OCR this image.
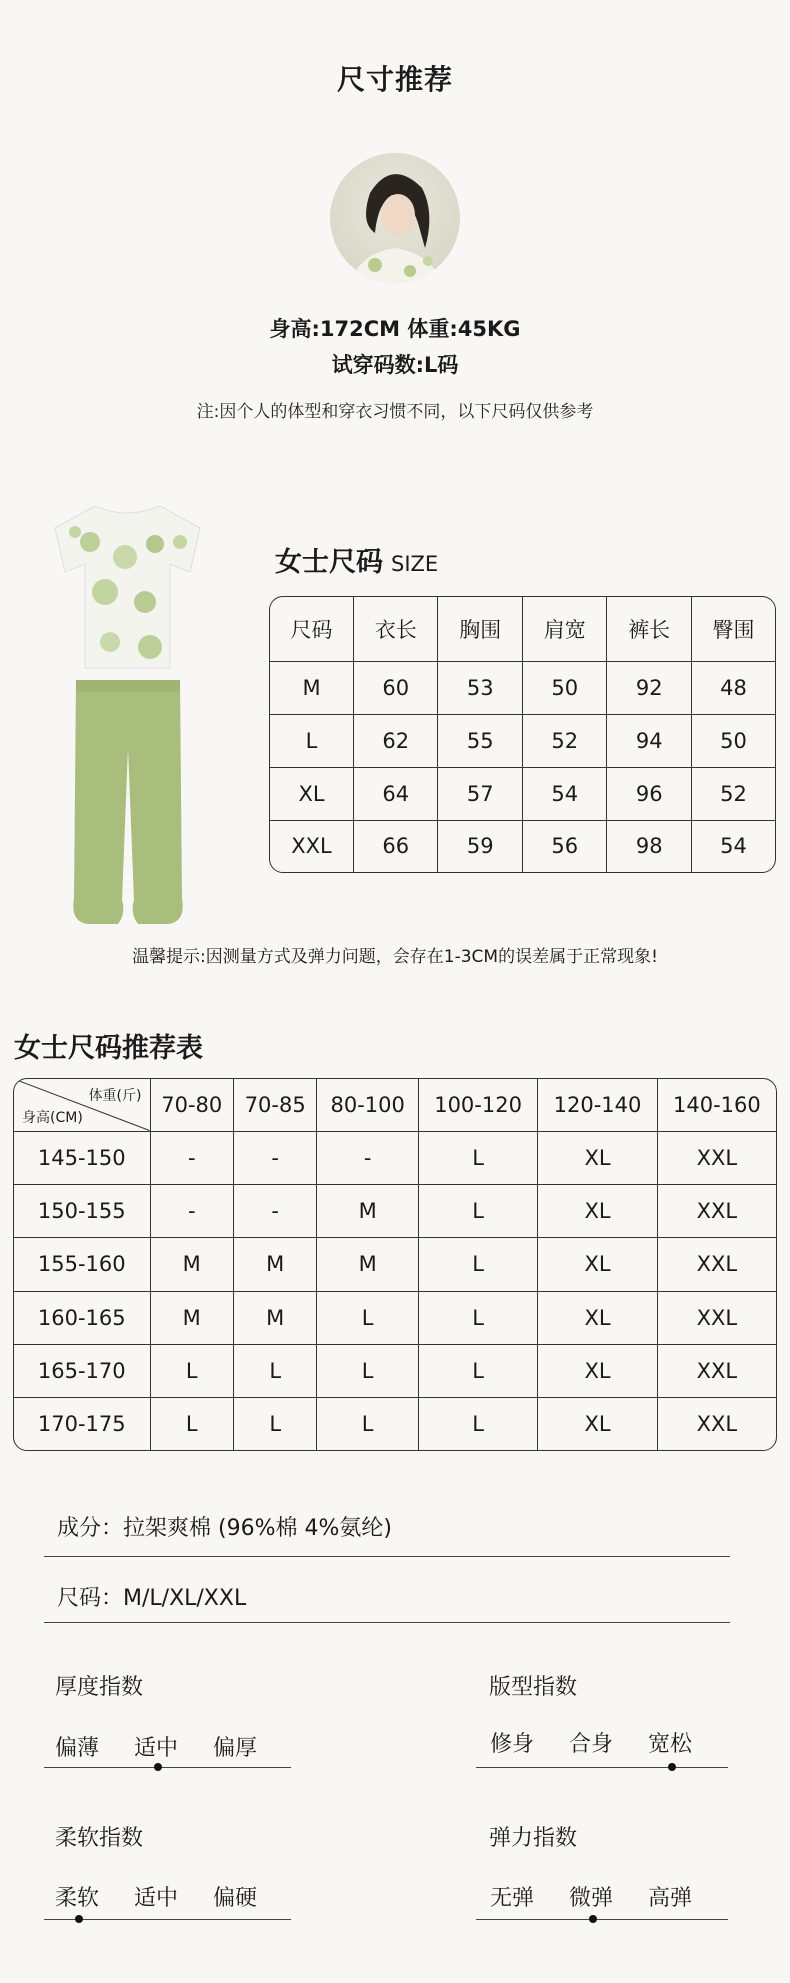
尺寸推荐
身高:172CM 体重:45KG
试穿码数:L码
注:因个人的体型和穿衣习惯不同，以下尺码仅供参考
女士尺码 SIZE
尺码	衣长	胸围	肩宽	裤长	臀围
M	60	53	50	92	48
L	62	55	52	94	50
XL	64	57	54	96	52
XXL	66	59	56	98	54
温馨提示:因测量方式及弹力问题，会存在1-3CM的误差属于正常现象!
女士尺码推荐表
体重(斤)
身高(CM)	70-80	70-85	80-100	100-120	120-140	140-160
145-150	-	-	-	L	XL	XXL
150-155	-	-	M	L	XL	XXL
155-160	M	M	M	L	XL	XXL
160-165	M	M	L	L	XL	XXL
165-170	L	L	L	L	XL	XXL
170-175	L	L	L	L	XL	XXL
成分：拉架爽棉 (96%棉 4%氨纶)
尺码：M/L/XL/XXL
厚度指数
偏薄 适中 偏厚
版型指数
修身 合身 宽松
柔软指数
柔软 适中 偏硬
弹力指数
无弹 微弹 高弹
